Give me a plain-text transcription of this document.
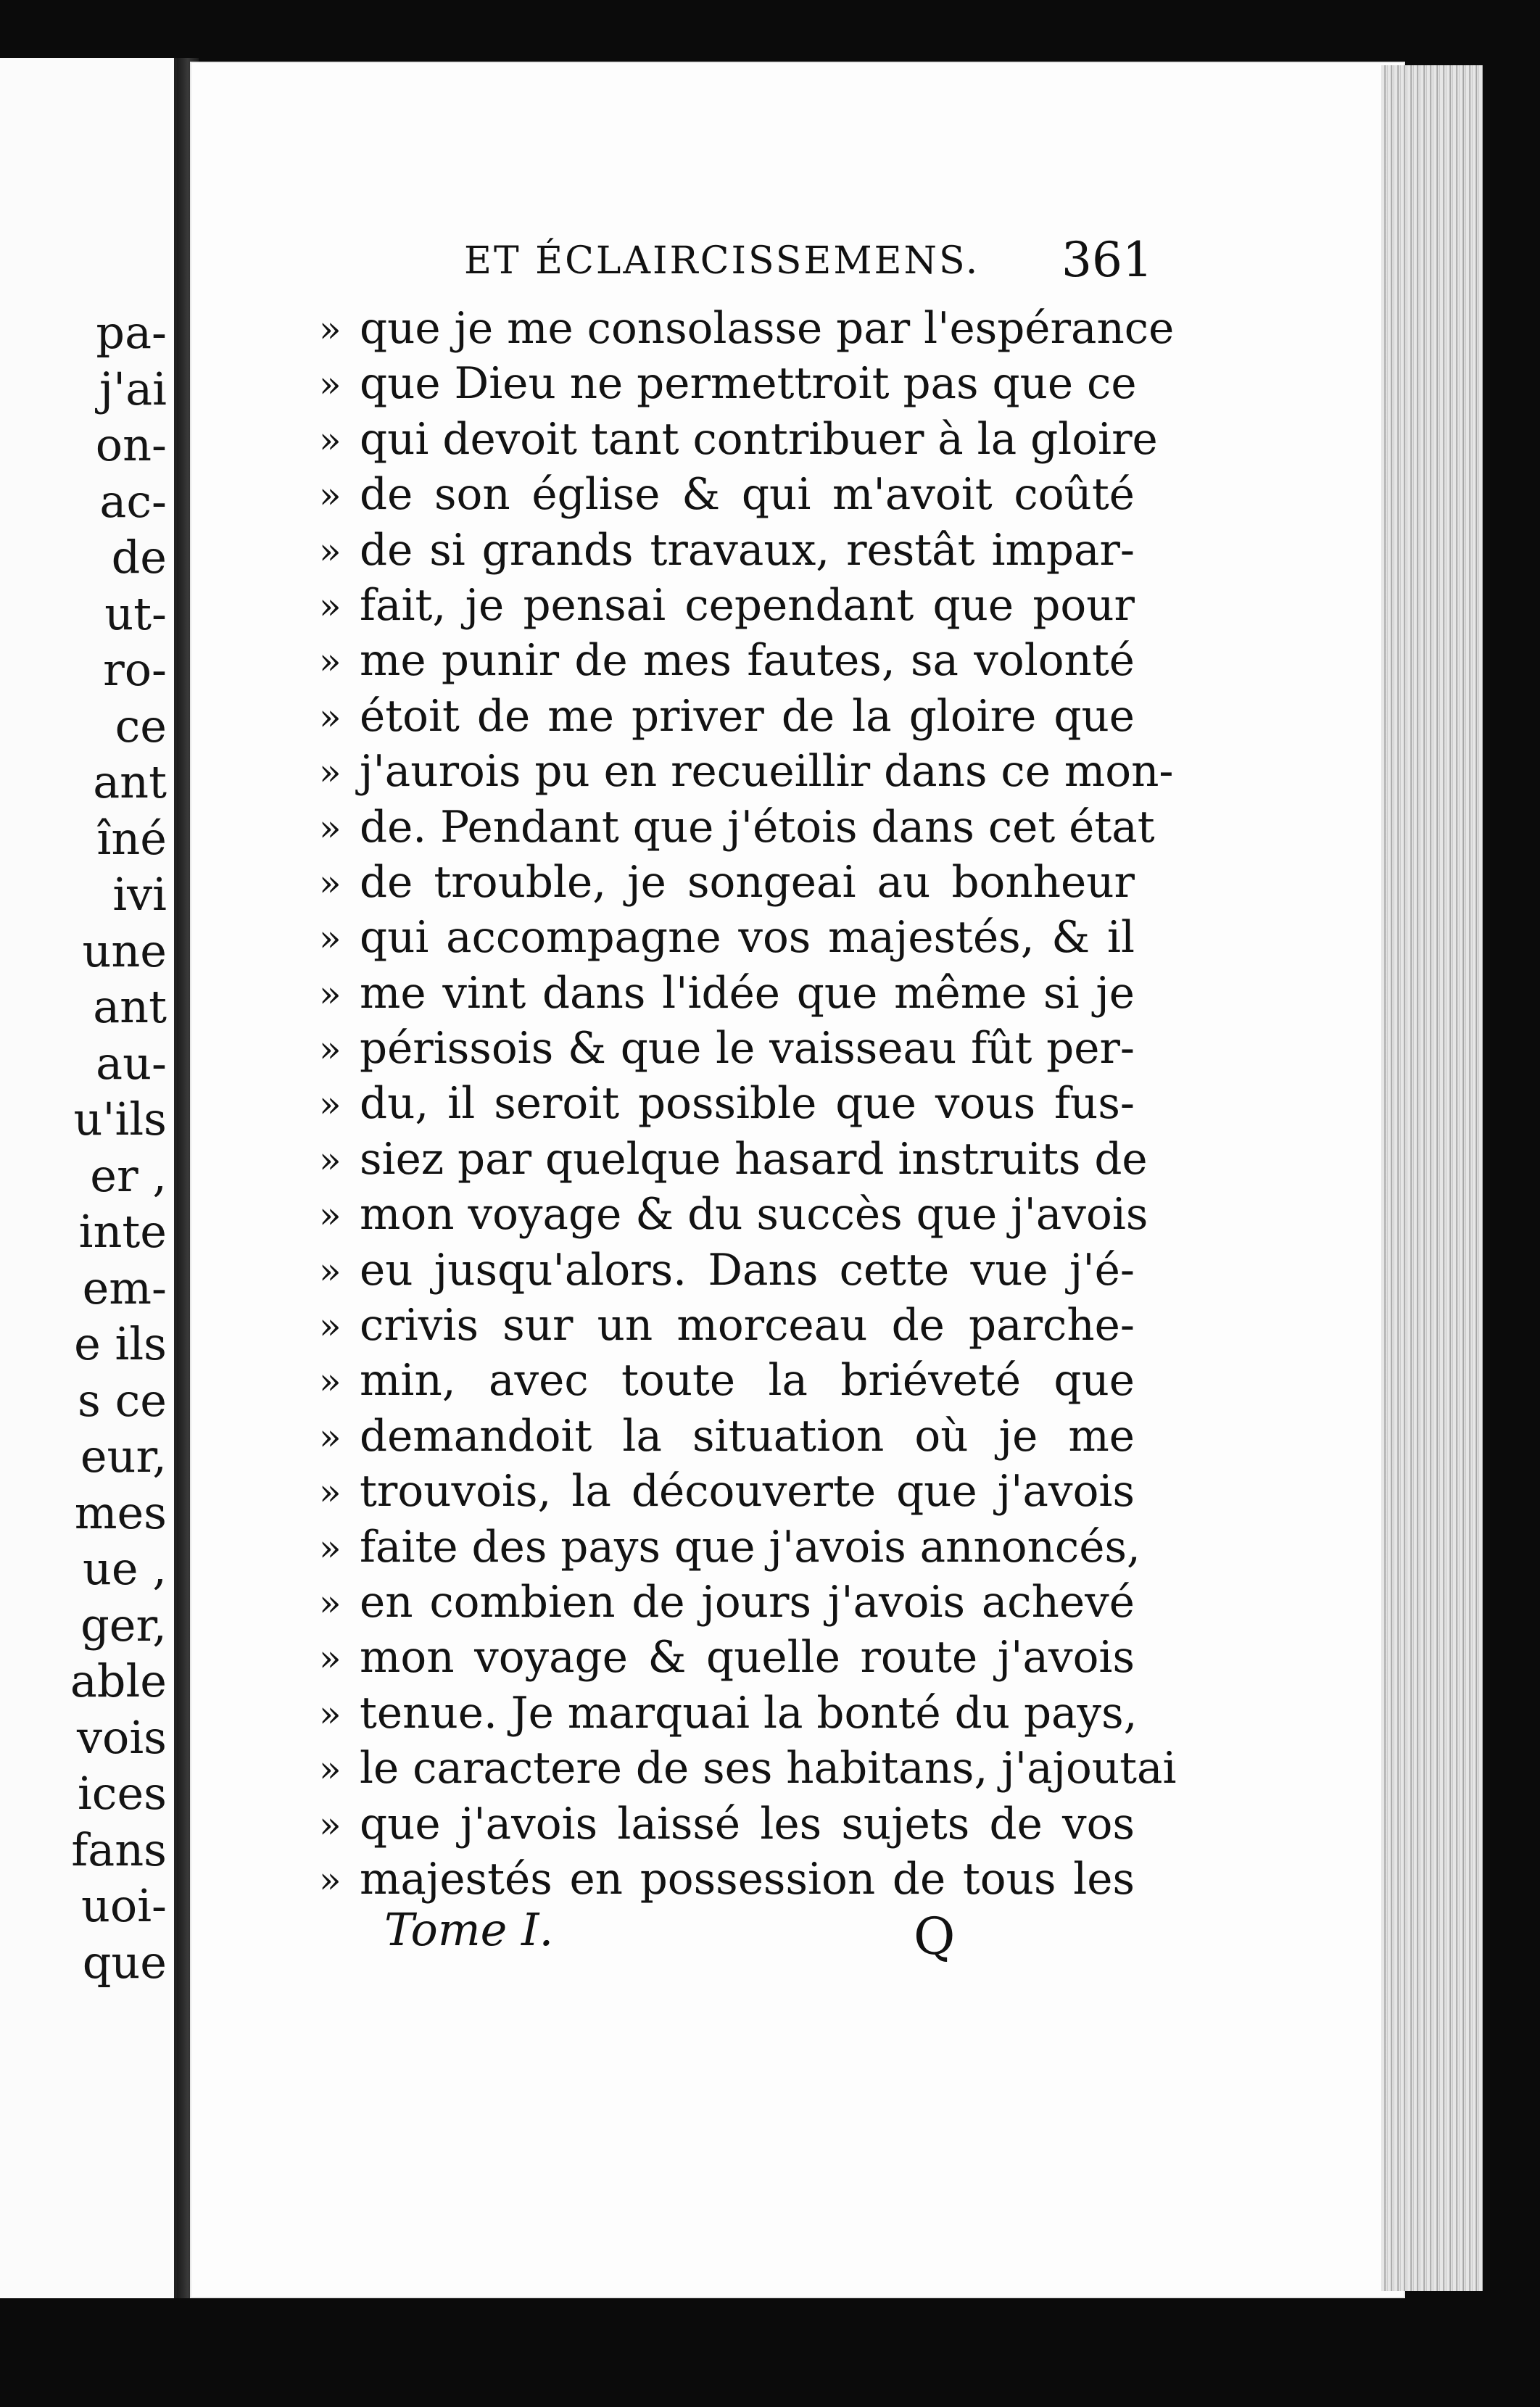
pa-
j'ai
on-
ac-
de
ut-
ro-
ce
ant
îné
ivi
une
ant
au-
u'ils
er ,
inte
em-
e ils
s ce
eur,
mes
ue ,
ger,
able
vois
ices
fans
uoi-
que
ET ÉCLAIRCISSEMENS.	361
» que je me consolasse par l'espérance
» que Dieu ne permettroit pas que ce
» qui devoit tant contribuer à la gloire
» de son église & qui m'avoit coûté
» de si grands travaux, restât impar-
» fait, je pensai cependant que pour
» me punir de mes fautes, sa volonté
» étoit de me priver de la gloire que
» j'aurois pu en recueillir dans ce mon-
» de. Pendant que j'étois dans cet état
» de trouble, je songeai au bonheur
» qui accompagne vos majestés, & il
» me vint dans l'idée que même si je
» périssois & que le vaisseau fût per-
» du, il seroit possible que vous fus-
» siez par quelque hasard instruits de
» mon voyage & du succès que j'avois
» eu jusqu'alors. Dans cette vue j'é-
» crivis sur un morceau de parche-
» min, avec toute la briéveté que
» demandoit la situation où je me
» trouvois, la découverte que j'avois
» faite des pays que j'avois annoncés,
» en combien de jours j'avois achevé
» mon voyage & quelle route j'avois
» tenue. Je marquai la bonté du pays,
» le caractere de ses habitans, j'ajoutai
» que j'avois laissé les sujets de vos
» majestés en possession de tous les
Tome I.	Q
